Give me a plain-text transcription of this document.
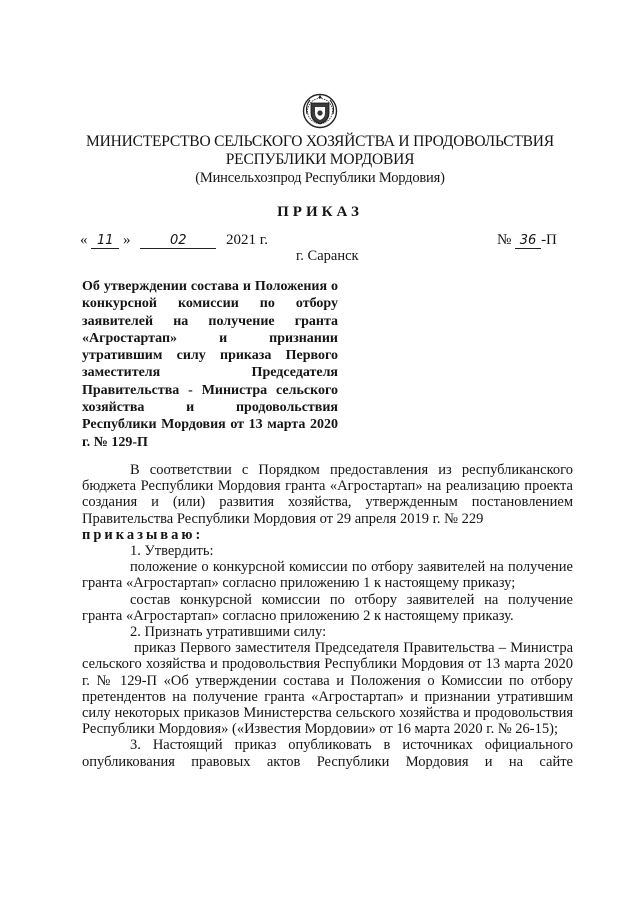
МИНИСТЕРСТВО СЕЛЬСКОГО ХОЗЯЙСТВА И ПРОДОВОЛЬСТВИЯ
РЕСПУБЛИКИ МОРДОВИЯ
(Минсельхозпрод Республики Мордовия)
ПРИКАЗ
« 11 »	02	2021 г.	№ 36 -П
г. Саранск
Об утверждении состава и Положения о конкурсной комиссии по отбору заявителей на получение гранта «Агростартап» и признании утратившим силу приказа Первого заместителя Председателя Правительства - Министра сельского хозяйства и продовольствия Республики Мордовия от 13 марта 2020 г. № 129-П

В соответствии с Порядком предоставления из республиканского бюджета Республики Мордовия гранта «Агростартап» на реализацию проекта создания и (или) развития хозяйства, утвержденным постановлением Правительства Республики Мордовия от 29 апреля 2019 г. № 229

приказываю:

1. Утвердить:

положение о конкурсной комиссии по отбору заявителей на получение гранта «Агростартап» согласно приложению 1 к настоящему приказу;

состав конкурсной комиссии по отбору заявителей на получение гранта «Агростартап» согласно приложению 2 к настоящему приказу.

2. Признать утратившими силу:

приказ Первого заместителя Председателя Правительства – Министра сельского хозяйства и продовольствия Республики Мордовия от 13 марта 2020 г. № 129-П «Об утверждении состава и Положения о Комиссии по отбору претендентов на получение гранта «Агростартап» и признании утратившим силу некоторых приказов Министерства сельского хозяйства и продовольствия Республики Мордовия» («Известия Мордовии» от 16 марта 2020 г. № 26-15);

3. Настоящий приказ опубликовать в источниках официального опубликования правовых актов Республики Мордовия и на сайте
